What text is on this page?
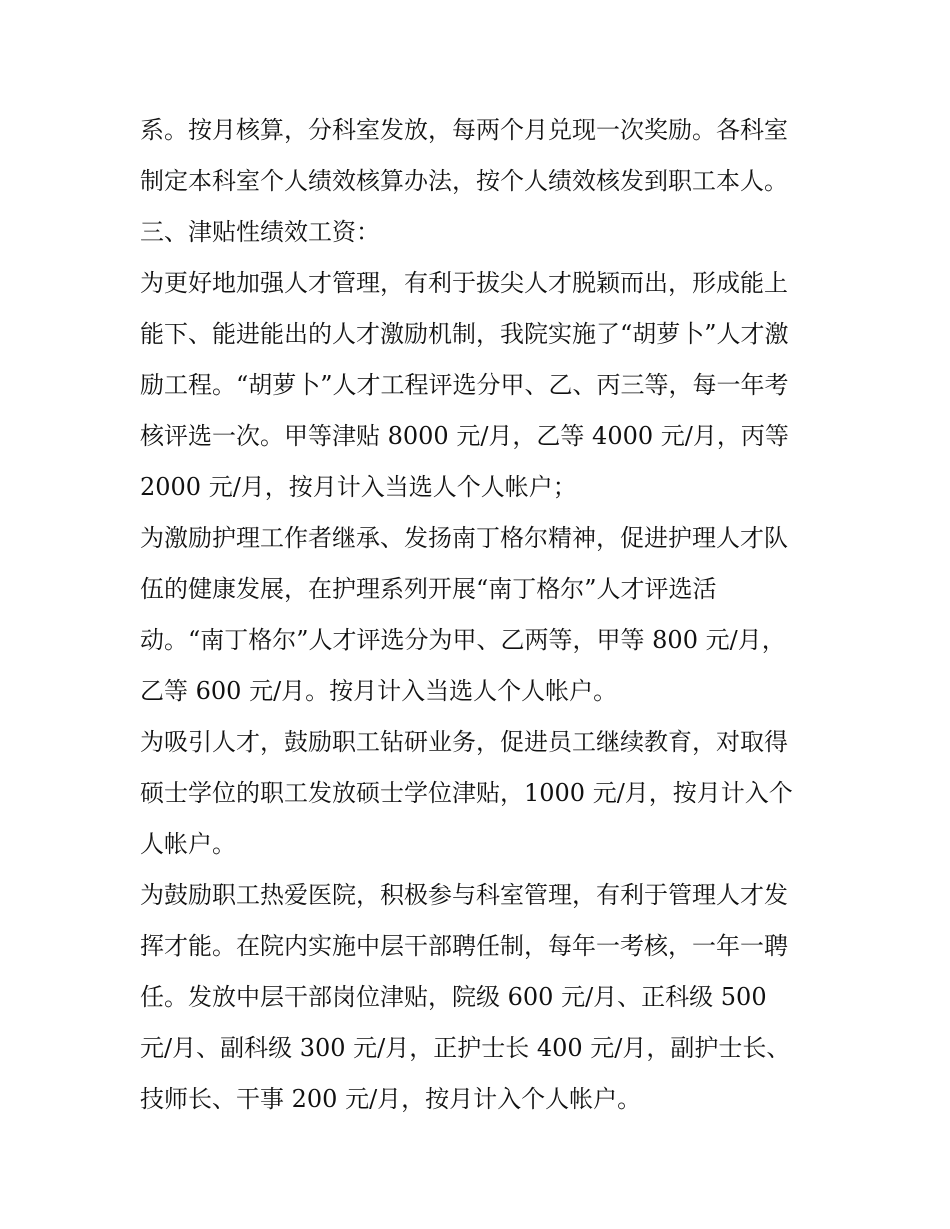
系。按月核算，分科室发放，每两个月兑现一次奖励。各科室
制定本科室个人绩效核算办法，按个人绩效核发到职工本人。
三、津贴性绩效工资：
为更好地加强人才管理，有利于拔尖人才脱颖而出，形成能上
能下、能进能出的人才激励机制，我院实施了“胡萝卜”人才激
励工程。“胡萝卜”人才工程评选分甲、乙、丙三等，每一年考
核评选一次。甲等津贴 8000 元/月，乙等 4000 元/月，丙等
2000 元/月，按月计入当选人个人帐户；
为激励护理工作者继承、发扬南丁格尔精神，促进护理人才队
伍的健康发展，在护理系列开展“南丁格尔”人才评选活
动。“南丁格尔”人才评选分为甲、乙两等，甲等 800 元/月，
乙等 600 元/月。按月计入当选人个人帐户。
为吸引人才，鼓励职工钻研业务，促进员工继续教育，对取得
硕士学位的职工发放硕士学位津贴，1000 元/月，按月计入个
人帐户。
为鼓励职工热爱医院，积极参与科室管理，有利于管理人才发
挥才能。在院内实施中层干部聘任制，每年一考核，一年一聘
任。发放中层干部岗位津贴，院级 600 元/月、正科级 500
元/月、副科级 300 元/月，正护士长 400 元/月，副护士长、
技师长、干事 200 元/月，按月计入个人帐户。
